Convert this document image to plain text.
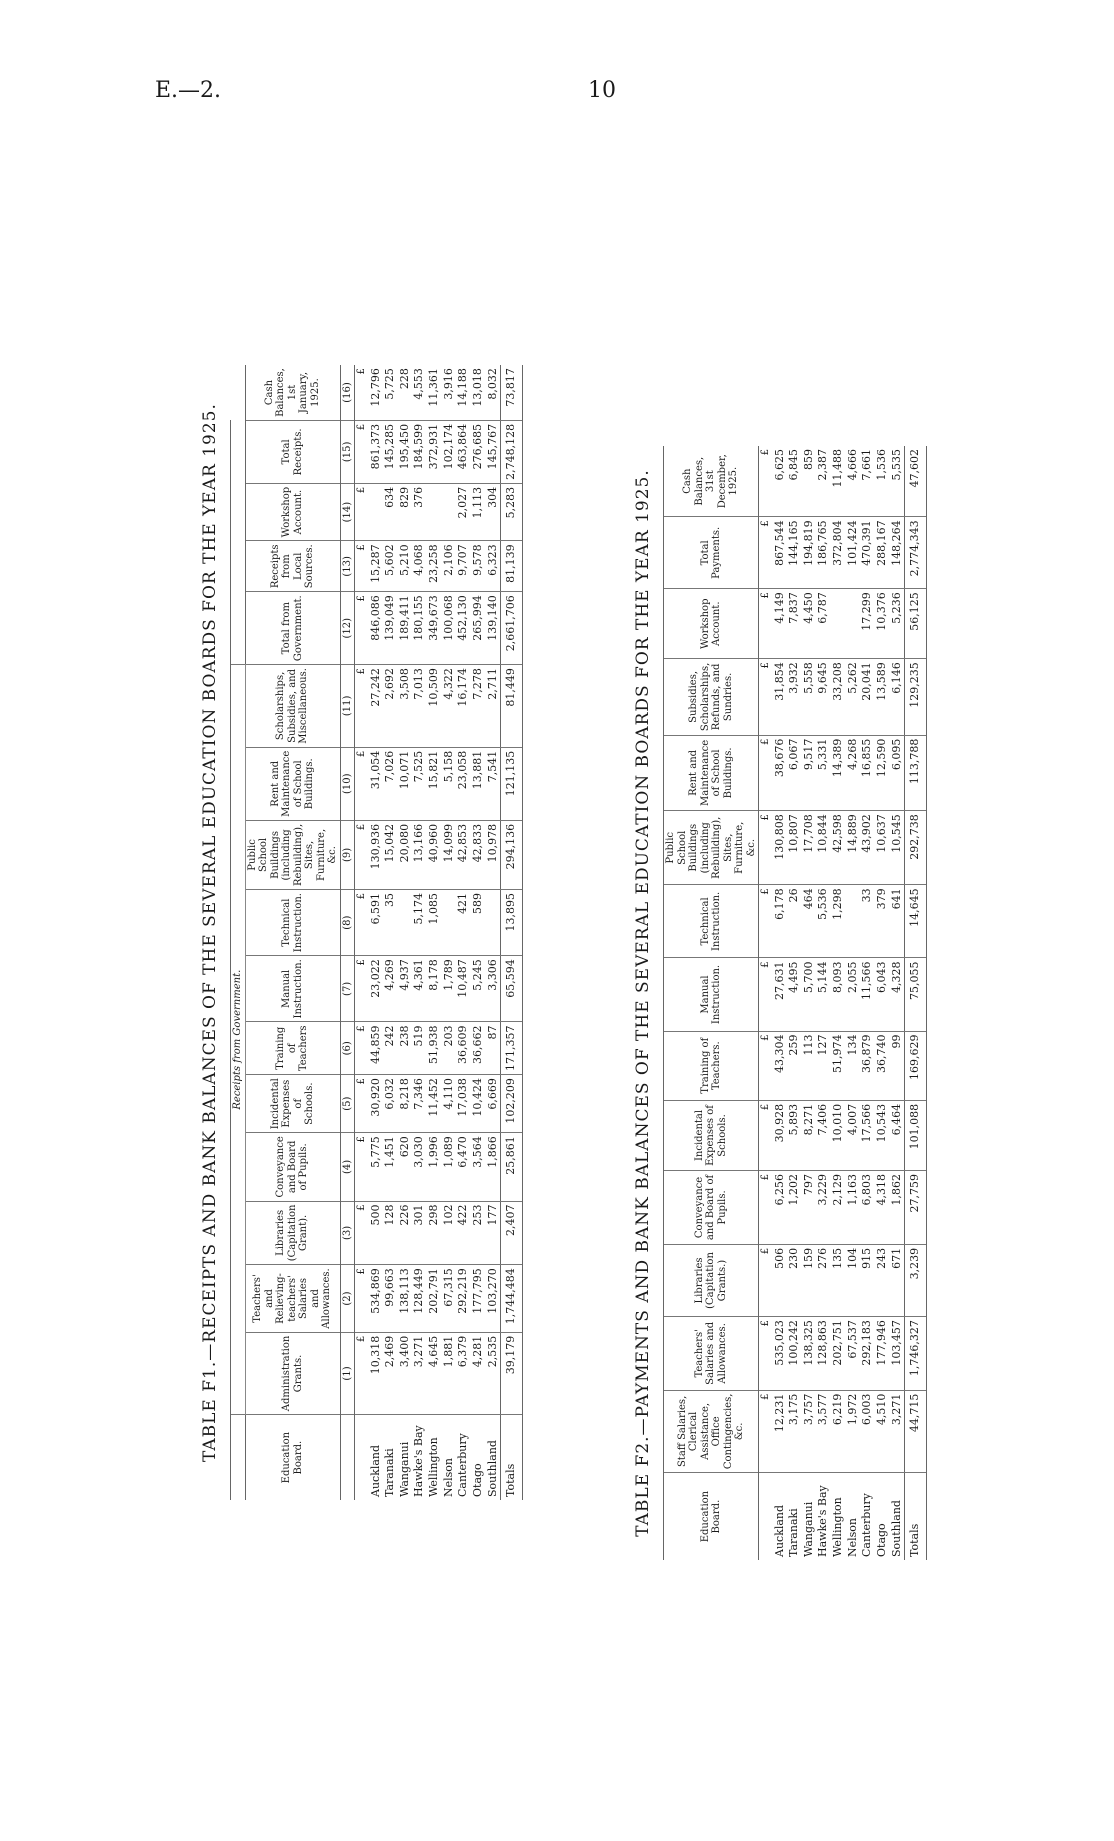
E.—2.	10
TABLE F1.—RECEIPTS AND BANK BALANCES OF THE SEVERAL EDUCATION BOARDS FOR THE YEAR 1925.
	Receipts from Government.															
Education Board.	Administration Grants.	Teachers' and Relieving-teachers' Salaries and Allowances.	Libraries (Capitation Grant).	Conveyance and Board of Pupils.	Incidental Expenses of Schools.	Training of Teachers	Manual Instruction.	Technical Instruction.	Public School Buildings (including Rebuilding), Sites, Furniture, &c.	Rent and Maintenance of School Buildings.	Scholarships, Subsidies, and Miscellaneous.	Total from Government.	Receipts from Local Sources.	Workshop Account.	Total Receipts.	Cash Balances, 1st January, 1925.
	(1)	(2)	(3)	(4)	(5)	(6)	(7)	(8)	(9)	(10)	(11)	(12)	(13)	(14)	(15)	(16)
	£	£	£	£	£	£	£	£	£	£	£	£	£	£	£	£
Auckland	10,318	534,869	500	5,775	30,920	44,859	23,022	6,591	130,936	31,054	27,242	846,086	15,287		861,373	12,796
Taranaki	2,469	99,663	128	1,451	6,032	242	4,269	35	15,042	7,026	2,692	139,049	5,602	634	145,285	5,725
Wanganui	3,400	138,113	226	620	8,218	238	4,937		20,080	10,071	3,508	189,411	5,210	829	195,450	228
Hawke's Bay	3,271	128,449	301	3,030	7,346	519	4,361	5,174	13,166	7,525	7,013	180,155	4,068	376	184,599	4,553
Wellington	4,645	202,791	298	1,996	11,452	51,938	8,178	1,085	40,960	15,821	10,509	349,673	23,258		372,931	11,361
Nelson	1,881	67,315	102	1,089	4,110	203	1,789		14,099	5,158	4,322	100,068	2,106		102,174	3,916
Canterbury	6,379	292,219	422	6,470	17,038	36,609	10,487	421	42,853	23,058	16,174	452,130	9,707	2,027	463,864	14,188
Otago	4,281	177,795	253	3,564	10,424	36,662	5,245	589	42,833	13,881	7,278	265,994	9,578	1,113	276,685	13,018
Southland	2,535	103,270	177	1,866	6,669	87	3,306		10,978	7,541	2,711	139,140	6,323	304	145,767	8,032
Totals	39,179	1,744,484	2,407	25,861	102,209	171,357	65,594	13,895	294,136	121,135	81,449	2,661,706	81,139	5,283	2,748,128	73,817
TABLE F2.—PAYMENTS AND BANK BALANCES OF THE SEVERAL EDUCATION BOARDS FOR THE YEAR 1925.	Education Board.	Staff Salaries, Clerical Assistance, Office Contingencies, &c.	Teachers' Salaries and Allowances.	Libraries (Capitation Grants.)	Conveyance and Board of Pupils.	Incidental Expenses of Schools.	Training of Teachers.	Manual Instruction.	Technical Instruction.	Public School Buildings (including Rebuilding), Sites, Furniture, &c.	Rent and Maintenance of School Buildings.	Subsidies, Scholarships, Refunds, and Sundries.	Workshop Account.	Total Payments.	Cash Balances, 31st December, 1925.
	£	£	£	£	£	£	£	£	£	£	£	£	£	£
Auckland	12,231	535,023	506	6,256	30,928	43,304	27,631	6,178	130,808	38,676	31,854	4,149	867,544	6,625
Taranaki	3,175	100,242	230	1,202	5,893	259	4,495	26	10,807	6,067	3,932	7,837	144,165	6,845
Wanganui	3,757	138,325	159	797	8,271	113	5,700	464	17,708	9,517	5,558	4,450	194,819	859
Hawke's Bay	3,577	128,863	276	3,229	7,406	127	5,144	5,536	10,844	5,331	9,645	6,787	186,765	2,387
Wellington	6,219	202,751	135	2,129	10,010	51,974	8,093	1,298	42,598	14,389	33,208		372,804	11,488
Nelson	1,972	67,537	104	1,163	4,007	134	2,055		14,889	4,268	5,262		101,424	4,666
Canterbury	6,003	292,183	915	6,803	17,566	36,879	11,566	33	43,902	16,855	20,041	17,299	470,391	7,661
Otago	4,510	177,946	243	4,318	10,543	36,740	6,043	379	10,637	12,590	13,589	10,376	288,167	1,536
Southland	3,271	103,457	671	1,862	6,464	99	4,328	641	10,545	6,095	6,146	5,236	148,264	5,535
Totals	44,715	1,746,327	3,239	27,759	101,088	169,629	75,055	14,645	292,738	113,788	129,235	56,125	2,774,343	47,602
